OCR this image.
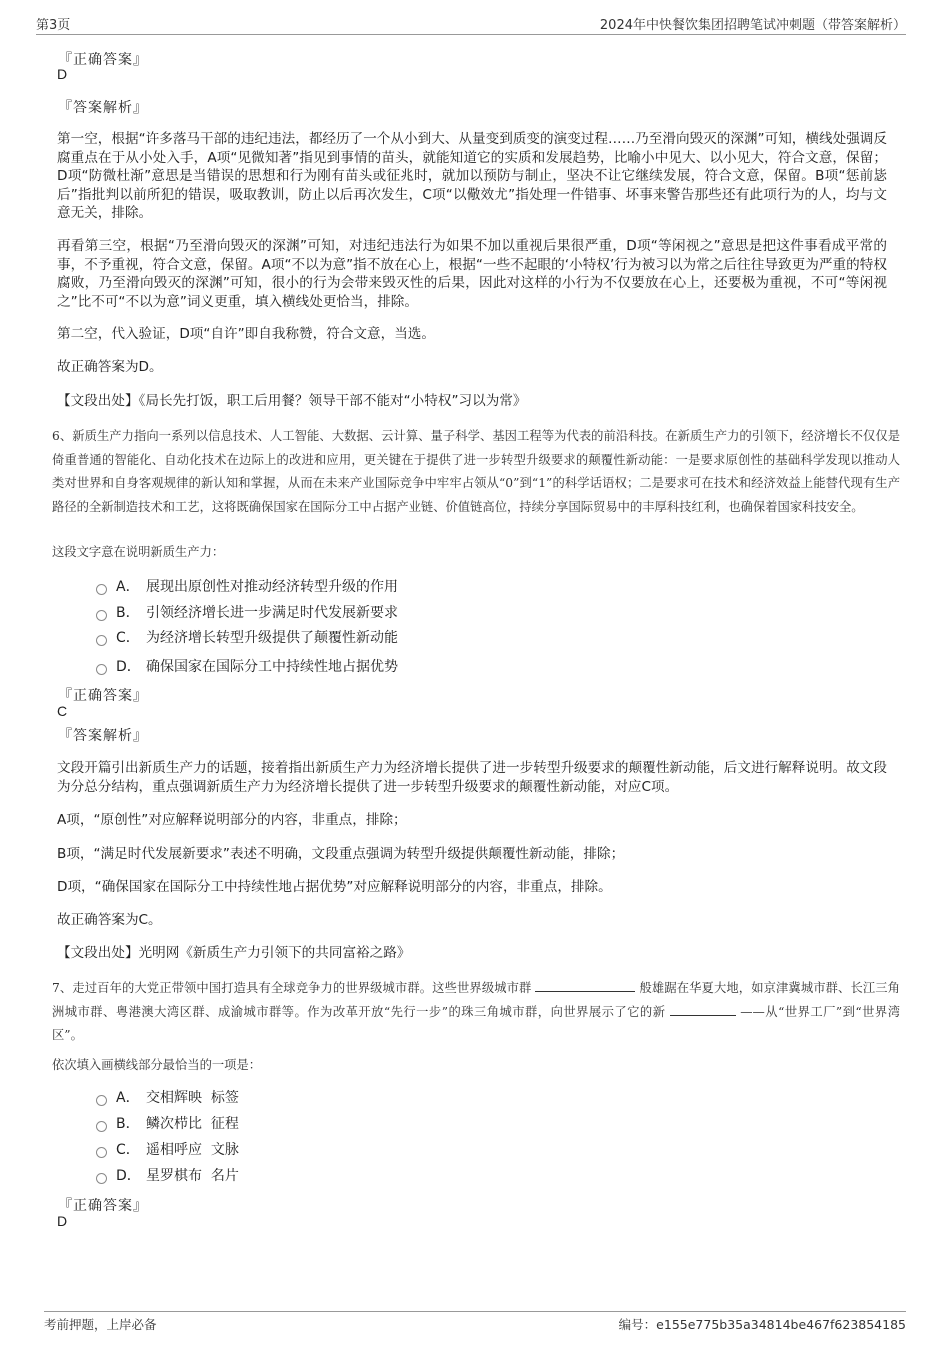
第3页	2024年中快餐饮集团招聘笔试冲刺题（带答案解析）
『正确答案』
D
『答案解析』

第一空，根据“许多落马干部的违纪违法，都经历了一个从小到大、从量变到质变的演变过程……乃至滑向毁灭的深渊”可知，横线处强调反腐重点在于从小处入手，A项“见微知著”指见到事情的苗头，就能知道它的实质和发展趋势，比喻小中见大、以小见大，符合文意，保留；D项“防微杜渐”意思是当错误的思想和行为刚有苗头或征兆时，就加以预防与制止，坚决不让它继续发展，符合文意，保留。B项“惩前毖后”指批判以前所犯的错误，吸取教训，防止以后再次发生，C项“以儆效尤”指处理一件错事、坏事来警告那些还有此项行为的人，均与文意无关，排除。

再看第三空，根据“乃至滑向毁灭的深渊”可知，对违纪违法行为如果不加以重视后果很严重，D项“等闲视之”意思是把这件事看成平常的事，不予重视，符合文意，保留。A项“不以为意”指不放在心上，根据“一些不起眼的‘小特权’行为被习以为常之后往往导致更为严重的特权腐败，乃至滑向毁灭的深渊”可知，很小的行为会带来毁灭性的后果，因此对这样的小行为不仅要放在心上，还要极为重视，不可“等闲视之”比不可“不以为意”词义更重，填入横线处更恰当，排除。

第二空，代入验证，D项“自许”即自我称赞，符合文意，当选。

故正确答案为D。

【文段出处】《局长先打饭，职工后用餐？领导干部不能对“小特权”习以为常》

6、新质生产力指向一系列以信息技术、人工智能、大数据、云计算、量子科学、基因工程等为代表的前沿科技。在新质生产力的引领下，经济增长不仅仅是倚重普通的智能化、自动化技术在边际上的改进和应用，更关键在于提供了进一步转型升级要求的颠覆性新动能：一是要求原创性的基础科学发现以推动人类对世界和自身客观规律的新认知和掌握，从而在未来产业国际竞争中牢牢占领从“0”到“1”的科学话语权；二是要求可在技术和经济效益上能替代现有生产路径的全新制造技术和工艺，这将既确保国家在国际分工中占据产业链、价值链高位，持续分享国际贸易中的丰厚科技红利，也确保着国家科技安全。

这段文字意在说明新质生产力：
A． 展现出原创性对推动经济转型升级的作用
B． 引领经济增长进一步满足时代发展新要求
C． 为经济增长转型升级提供了颠覆性新动能
D． 确保国家在国际分工中持续性地占据优势
『正确答案』
C
『答案解析』

文段开篇引出新质生产力的话题，接着指出新质生产力为经济增长提供了进一步转型升级要求的颠覆性新动能，后文进行解释说明。故文段为分总分结构，重点强调新质生产力为经济增长提供了进一步转型升级要求的颠覆性新动能，对应C项。

A项，“原创性”对应解释说明部分的内容，非重点，排除；

B项，“满足时代发展新要求”表述不明确，文段重点强调为转型升级提供颠覆性新动能，排除；

D项，“确保国家在国际分工中持续性地占据优势”对应解释说明部分的内容，非重点，排除。

故正确答案为C。

【文段出处】光明网《新质生产力引领下的共同富裕之路》

7、走过百年的大党正带领中国打造具有全球竞争力的世界级城市群。这些世界级城市群	般雄踞在华夏大地，如京津冀城市群、长江三角洲城市群、粤港澳大湾区群、成渝城市群等。作为改革开放“先行一步”的珠三角城市群，向世界展示了它的新	——从“世界工厂”到“世界湾区”。

依次填入画横线部分最恰当的一项是：
A． 交相辉映  标签
B． 鳞次栉比  征程
C． 遥相呼应  文脉
D． 星罗棋布  名片
『正确答案』
D
考前押题，上岸必备	编号：e155e775b35a34814be467f623854185
